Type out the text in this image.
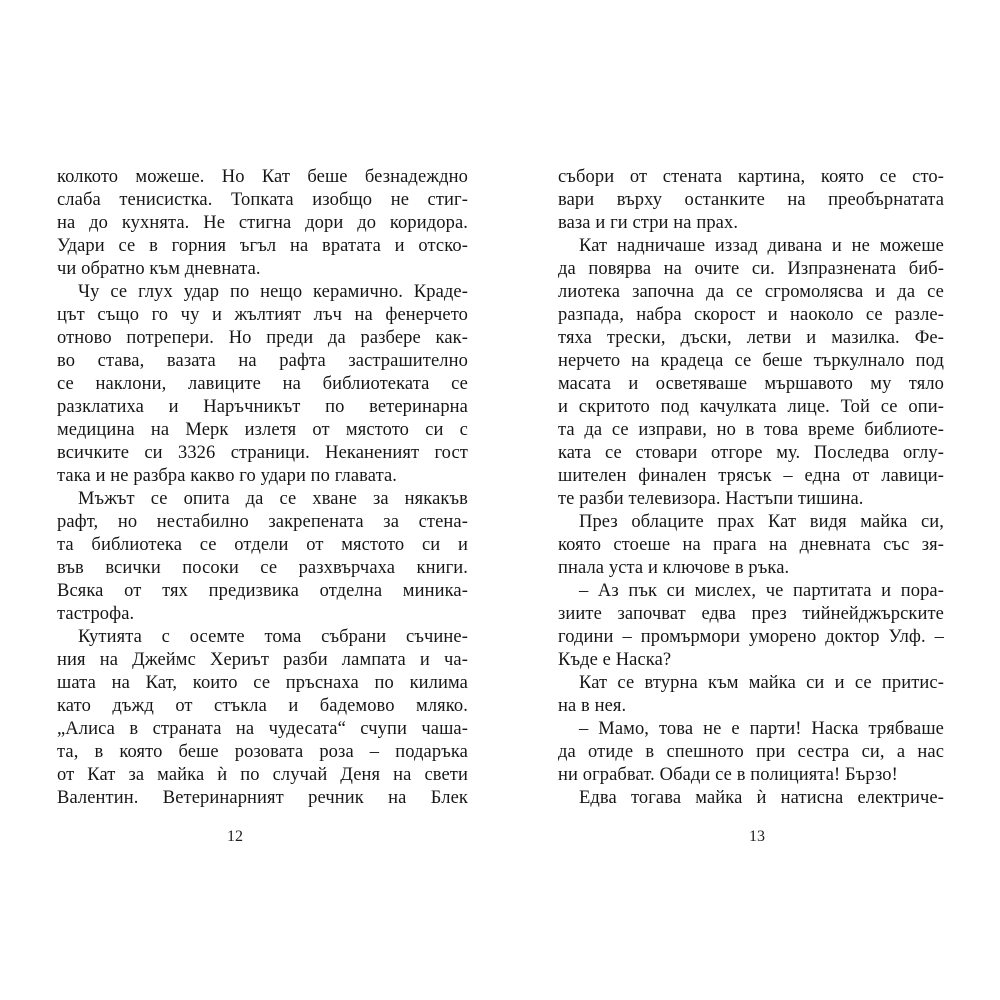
колкото можеше. Но Кат беше безнадеждно
слаба тенисистка. Топката изобщо не стиг-
на до кухнята. Не стигна дори до коридора.
Удари се в горния ъгъл на вратата и отско-
чи обратно към дневната.
Чу се глух удар по нещо керамично. Краде-
цът също го чу и жълтият лъч на фенерчето
отново потрепери. Но преди да разбере как-
во става, вазата на рафта застрашително
се наклони, лавиците на библиотеката се
разклатиха и Наръчникът по ветеринарна
медицина на Мерк излетя от мястото си с
всичките си 3326 страници. Неканеният гост
така и не разбра какво го удари по главата.
Мъжът се опита да се хване за някакъв
рафт, но нестабилно закрепената за стена-
та библиотека се отдели от мястото си и
във всички посоки се разхвърчаха книги.
Всяка от тях предизвика отделна миника-
тастрофа.
Кутията с осемте тома събрани съчине-
ния на Джеймс Хериът разби лампата и ча-
шата на Кат, които се пръснаха по килима
като дъжд от стъкла и бадемово мляко.
„Алиса в страната на чудесата“ счупи чаша-
та, в която беше розовата роза – подаръка
от Кат за майка ѝ по случай Деня на свети
Валентин. Ветеринарният речник на Блек
12
събори от стената картина, която се сто-
вари върху останките на преобърнатата
ваза и ги стри на прах.
Кат надничаше иззад дивана и не можеше
да повярва на очите си. Изпразнената биб-
лиотека започна да се сгромолясва и да се
разпада, набра скорост и наоколо се разле-
тяха трески, дъски, летви и мазилка. Фе-
нерчето на крадеца се беше търкулнало под
масата и осветяваше мършавото му тяло
и скритото под качулката лице. Той се опи-
та да се изправи, но в това време библиоте-
ката се стовари отгоре му. Последва оглу-
шителен финален трясък – една от лавици-
те разби телевизора. Настъпи тишина.
През облаците прах Кат видя майка си,
която стоеше на прага на дневната със зя-
пнала уста и ключове в ръка.
– Аз пък си мислех, че партитата и пора-
зиите започват едва през тийнейджърските
години – промърмори уморено доктор Улф. –
Къде е Наска?
Кат се втурна към майка си и се притис-
на в нея.
– Мамо, това не е парти! Наска трябваше
да отиде в спешното при сестра си, а нас
ни ограбват. Обади се в полицията! Бързо!
Едва тогава майка ѝ натисна електриче-
13
